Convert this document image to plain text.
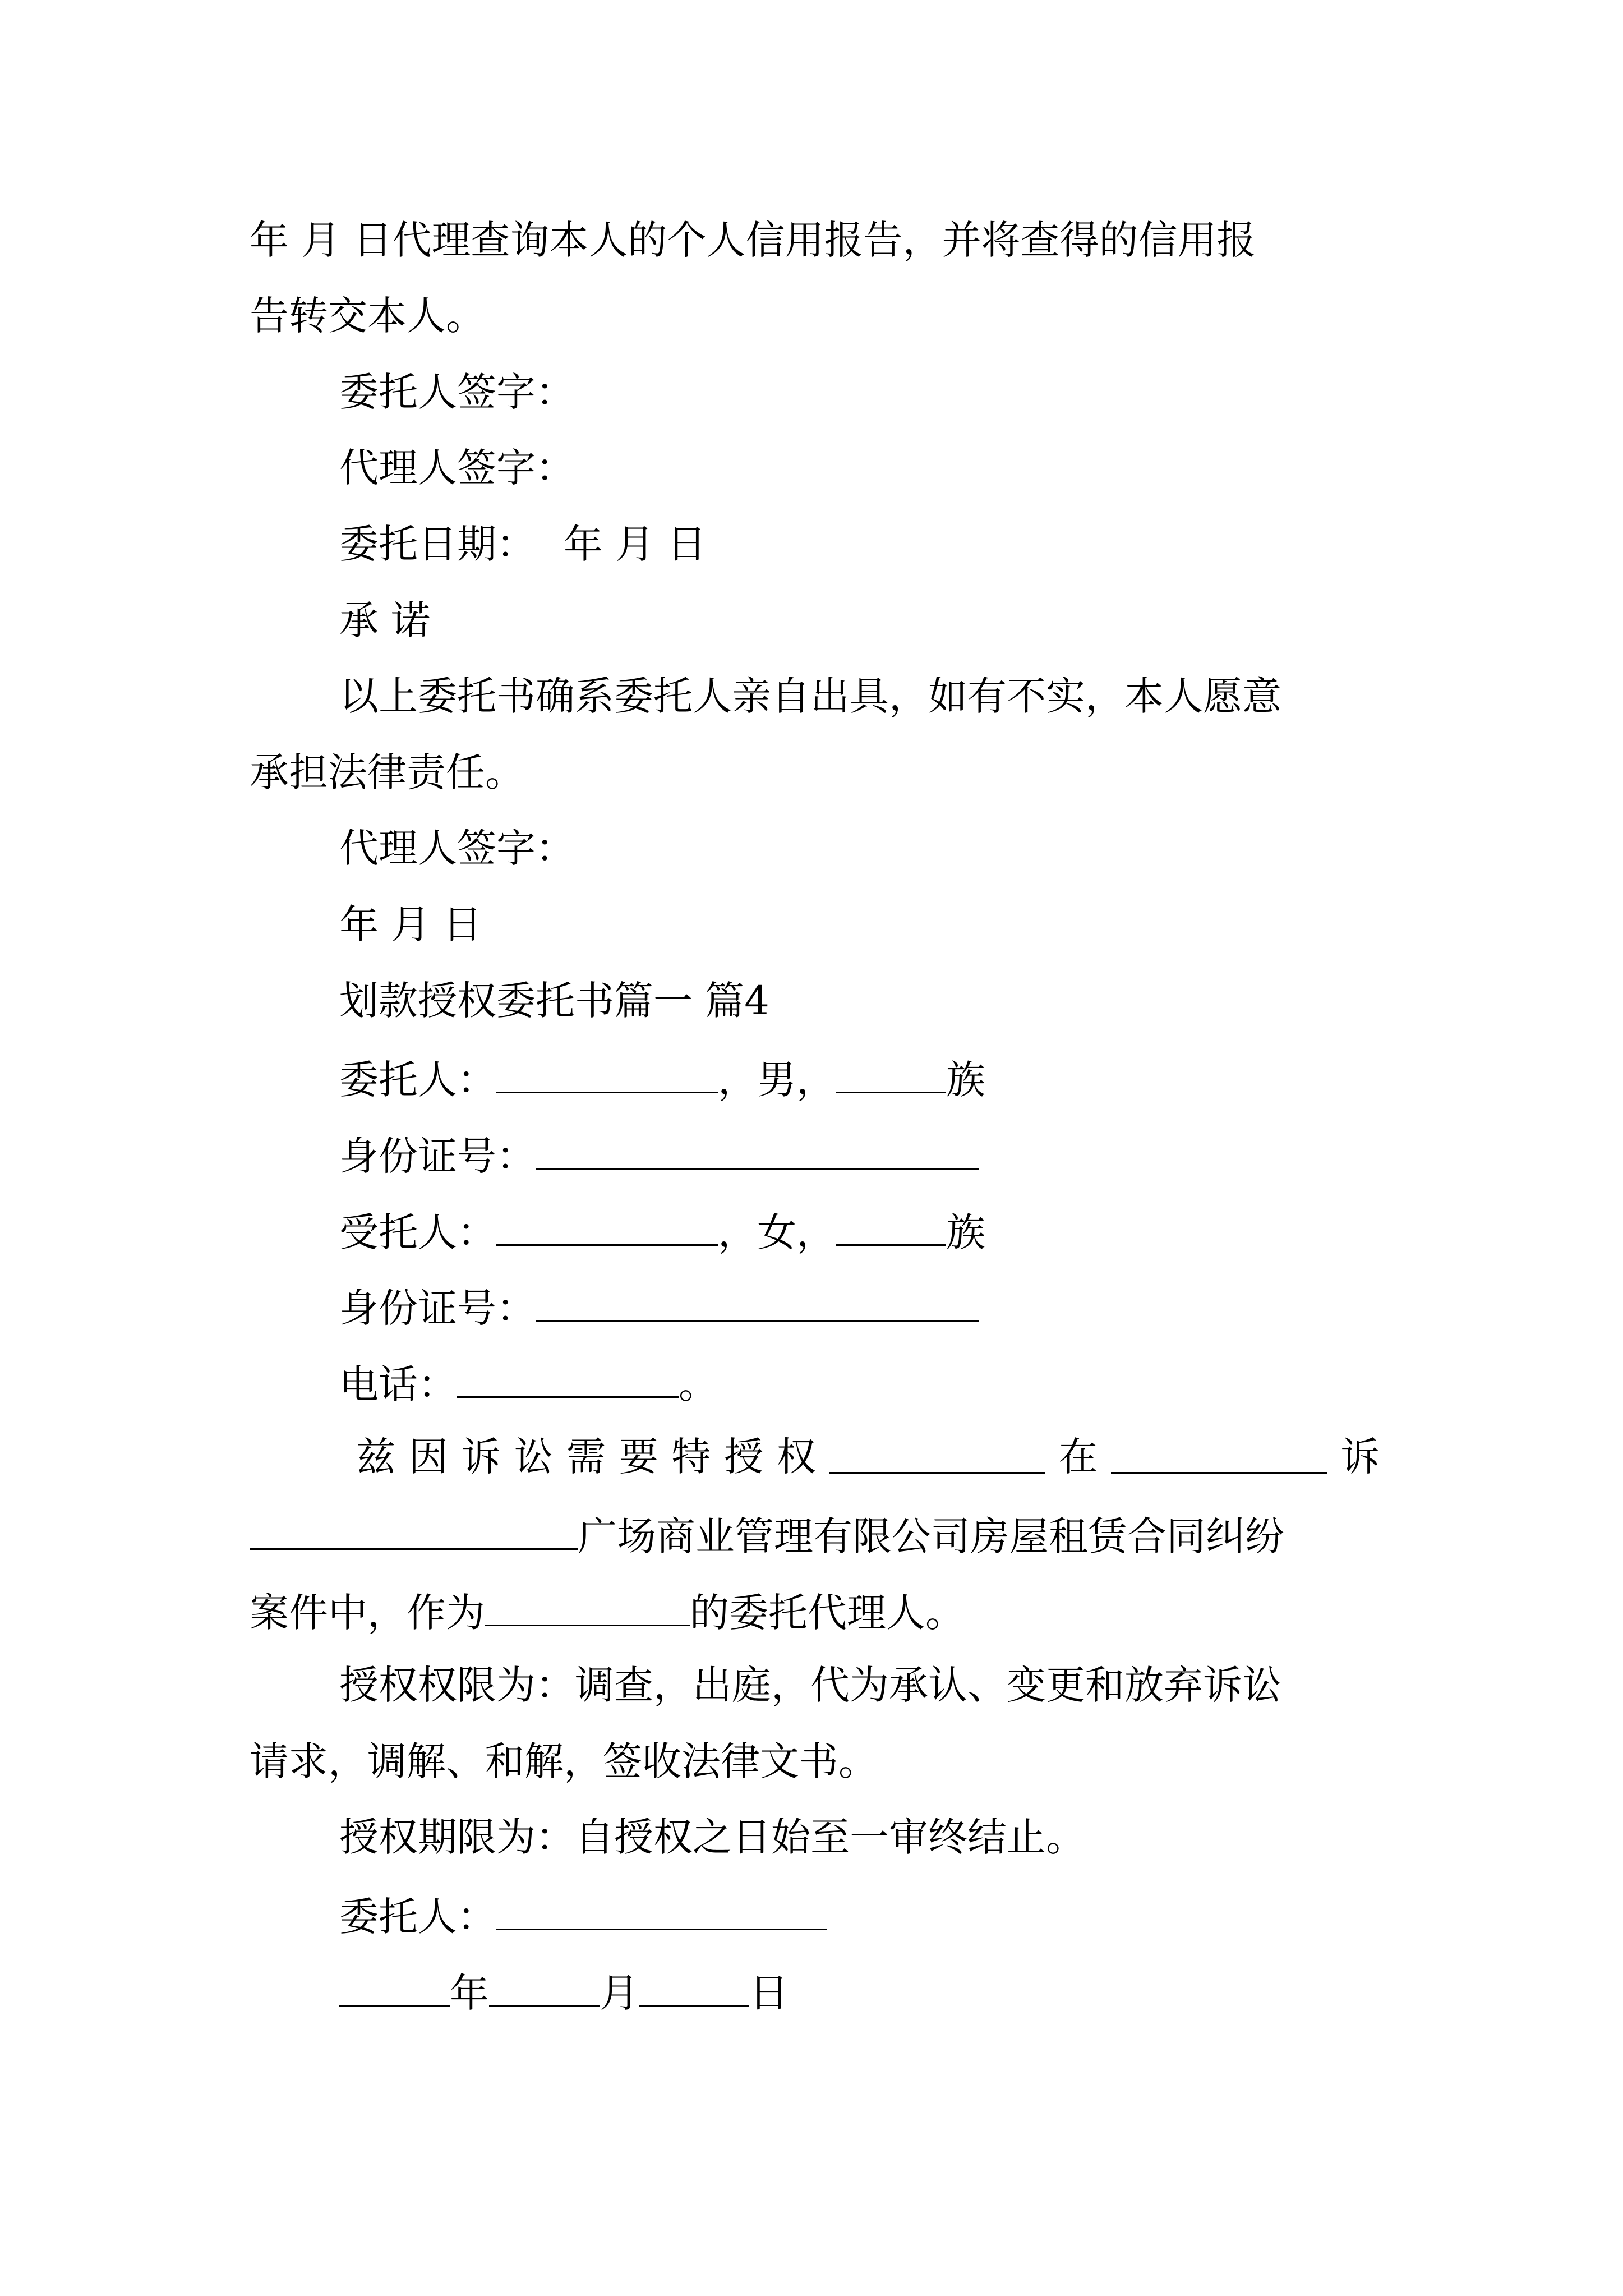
年 月 日代理查询本人的个人信用报告，并将查得的信用报
告转交本人。
委托人签字：
代理人签字：
委托日期： 年 月 日
承 诺
以上委托书确系委托人亲自出具，如有不实，本人愿意
承担法律责任。
代理人签字：
年 月 日
划款授权委托书篇一 篇4
委托人：	，男，	族
身份证号：
受托人：	，女，	族
身份证号：
电话：	。
兹 因 诉 讼 需 要 特 授 权	在	诉
广场商业管理有限公司房屋租赁合同纠纷
案件中，作为	的委托代理人。
授权权限为：调查，出庭，代为承认、变更和放弃诉讼
请求，调解、和解，签收法律文书。
授权期限为：自授权之日始至一审终结止。
委托人：
年	月	日
